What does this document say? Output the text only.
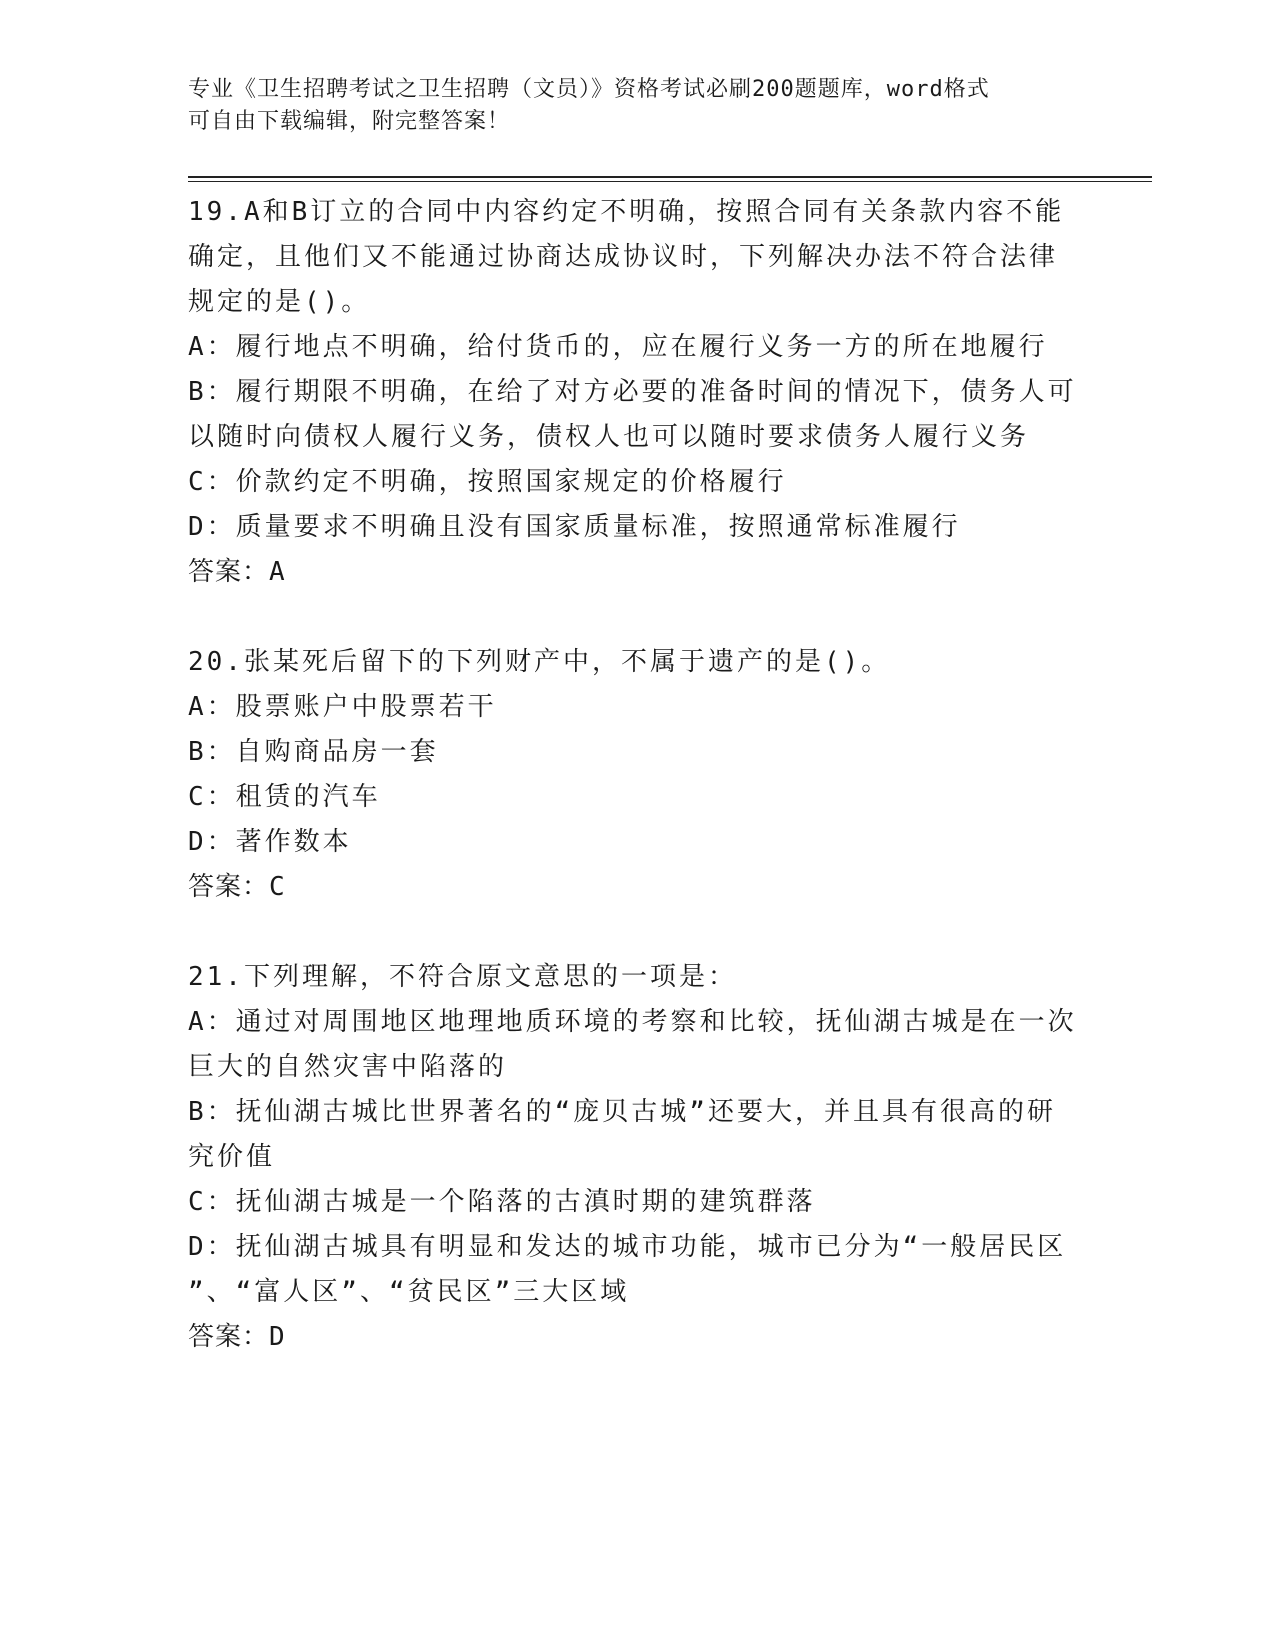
专业《卫生招聘考试之卫生招聘（文员）》资格考试必刷200题题库，word格式
可自由下载编辑，附完整答案！
19.A和B订立的合同中内容约定不明确，按照合同有关条款内容不能
确定，且他们又不能通过协商达成协议时，下列解决办法不符合法律
规定的是()。
A：履行地点不明确，给付货币的，应在履行义务一方的所在地履行
B：履行期限不明确，在给了对方必要的准备时间的情况下，债务人可
以随时向债权人履行义务，债权人也可以随时要求债务人履行义务
C：价款约定不明确，按照国家规定的价格履行
D：质量要求不明确且没有国家质量标准，按照通常标准履行
答案：A
20.张某死后留下的下列财产中，不属于遗产的是()。
A：股票账户中股票若干
B：自购商品房一套
C：租赁的汽车
D：著作数本
答案：C
21.下列理解，不符合原文意思的一项是：
A：通过对周围地区地理地质环境的考察和比较，抚仙湖古城是在一次
巨大的自然灾害中陷落的
B：抚仙湖古城比世界著名的“庞贝古城”还要大，并且具有很高的研
究价值
C：抚仙湖古城是一个陷落的古滇时期的建筑群落
D：抚仙湖古城具有明显和发达的城市功能，城市已分为“一般居民区
”、“富人区”、“贫民区”三大区域
答案：D
